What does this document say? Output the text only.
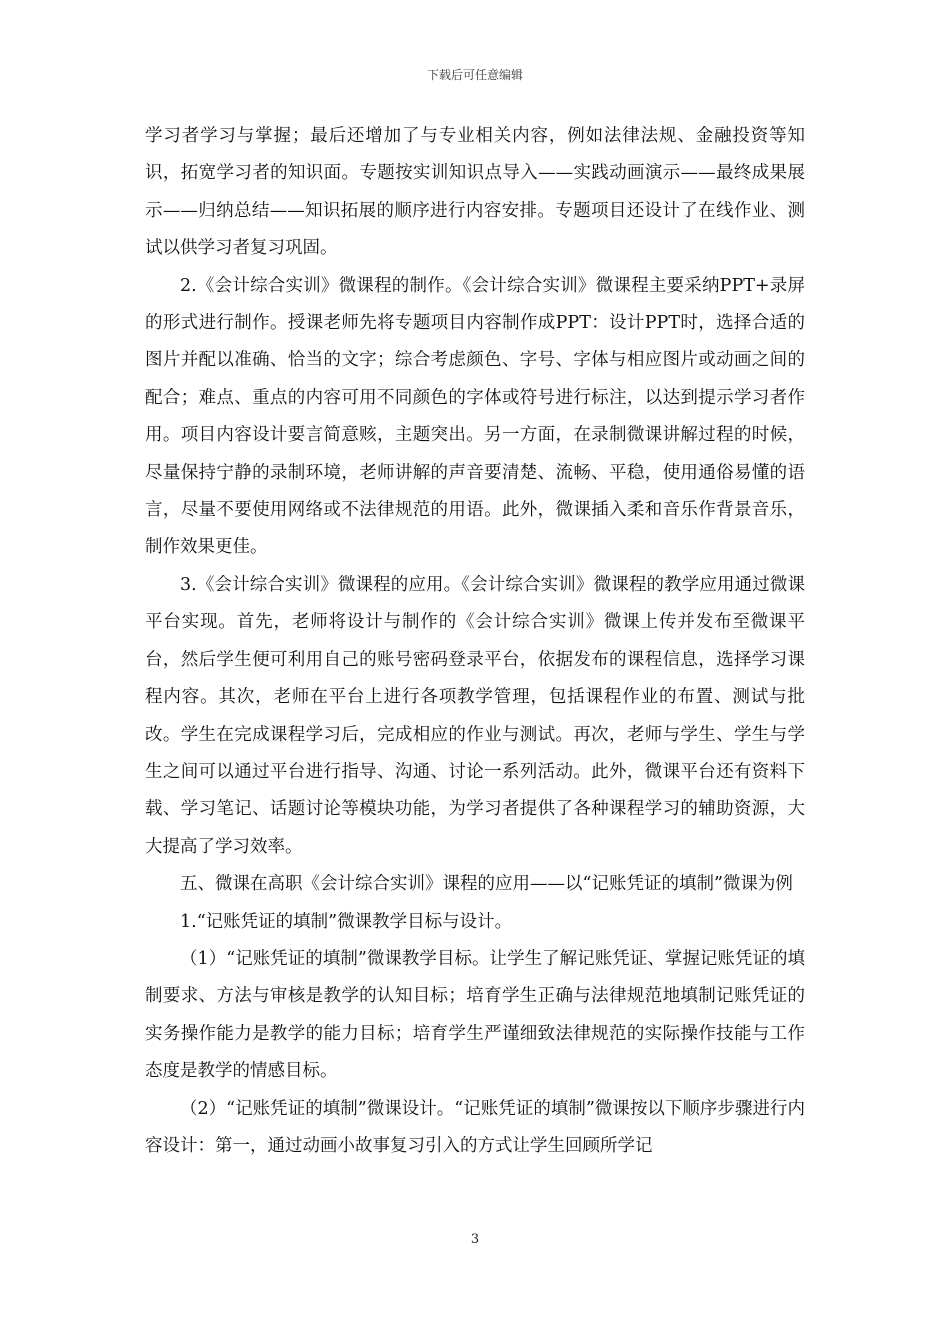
下载后可任意编辑

学习者学习与掌握；最后还增加了与专业相关内容，例如法律法规、金融投资等知识，拓宽学习者的知识面。专题按实训知识点导入——实践动画演示——最终成果展示——归纳总结——知识拓展的顺序进行内容安排。专题项目还设计了在线作业、测试以供学习者复习巩固。

2.《会计综合实训》微课程的制作。《会计综合实训》微课程主要采纳PPT+录屏的形式进行制作。授课老师先将专题项目内容制作成PPT：设计PPT时，选择合适的图片并配以准确、恰当的文字；综合考虑颜色、字号、字体与相应图片或动画之间的配合；难点、重点的内容可用不同颜色的字体或符号进行标注，以达到提示学习者作用。项目内容设计要言简意赅，主题突出。另一方面，在录制微课讲解过程的时候，尽量保持宁静的录制环境，老师讲解的声音要清楚、流畅、平稳，使用通俗易懂的语言，尽量不要使用网络或不法律规范的用语。此外，微课插入柔和音乐作背景音乐，制作效果更佳。

3.《会计综合实训》微课程的应用。《会计综合实训》微课程的教学应用通过微课平台实现。首先，老师将设计与制作的《会计综合实训》微课上传并发布至微课平台，然后学生便可利用自己的账号密码登录平台，依据发布的课程信息，选择学习课程内容。其次，老师在平台上进行各项教学管理，包括课程作业的布置、测试与批改。学生在完成课程学习后，完成相应的作业与测试。再次，老师与学生、学生与学生之间可以通过平台进行指导、沟通、讨论一系列活动。此外，微课平台还有资料下载、学习笔记、话题讨论等模块功能，为学习者提供了各种课程学习的辅助资源，大大提高了学习效率。

五、微课在高职《会计综合实训》课程的应用——以“记账凭证的填制”微课为例

1.“记账凭证的填制”微课教学目标与设计。

（1）“记账凭证的填制”微课教学目标。让学生了解记账凭证、掌握记账凭证的填制要求、方法与审核是教学的认知目标；培育学生正确与法律规范地填制记账凭证的实务操作能力是教学的能力目标；培育学生严谨细致法律规范的实际操作技能与工作态度是教学的情感目标。

（2）“记账凭证的填制”微课设计。“记账凭证的填制”微课按以下顺序步骤进行内容设计：第一，通过动画小故事复习引入的方式让学生回顾所学记

3
